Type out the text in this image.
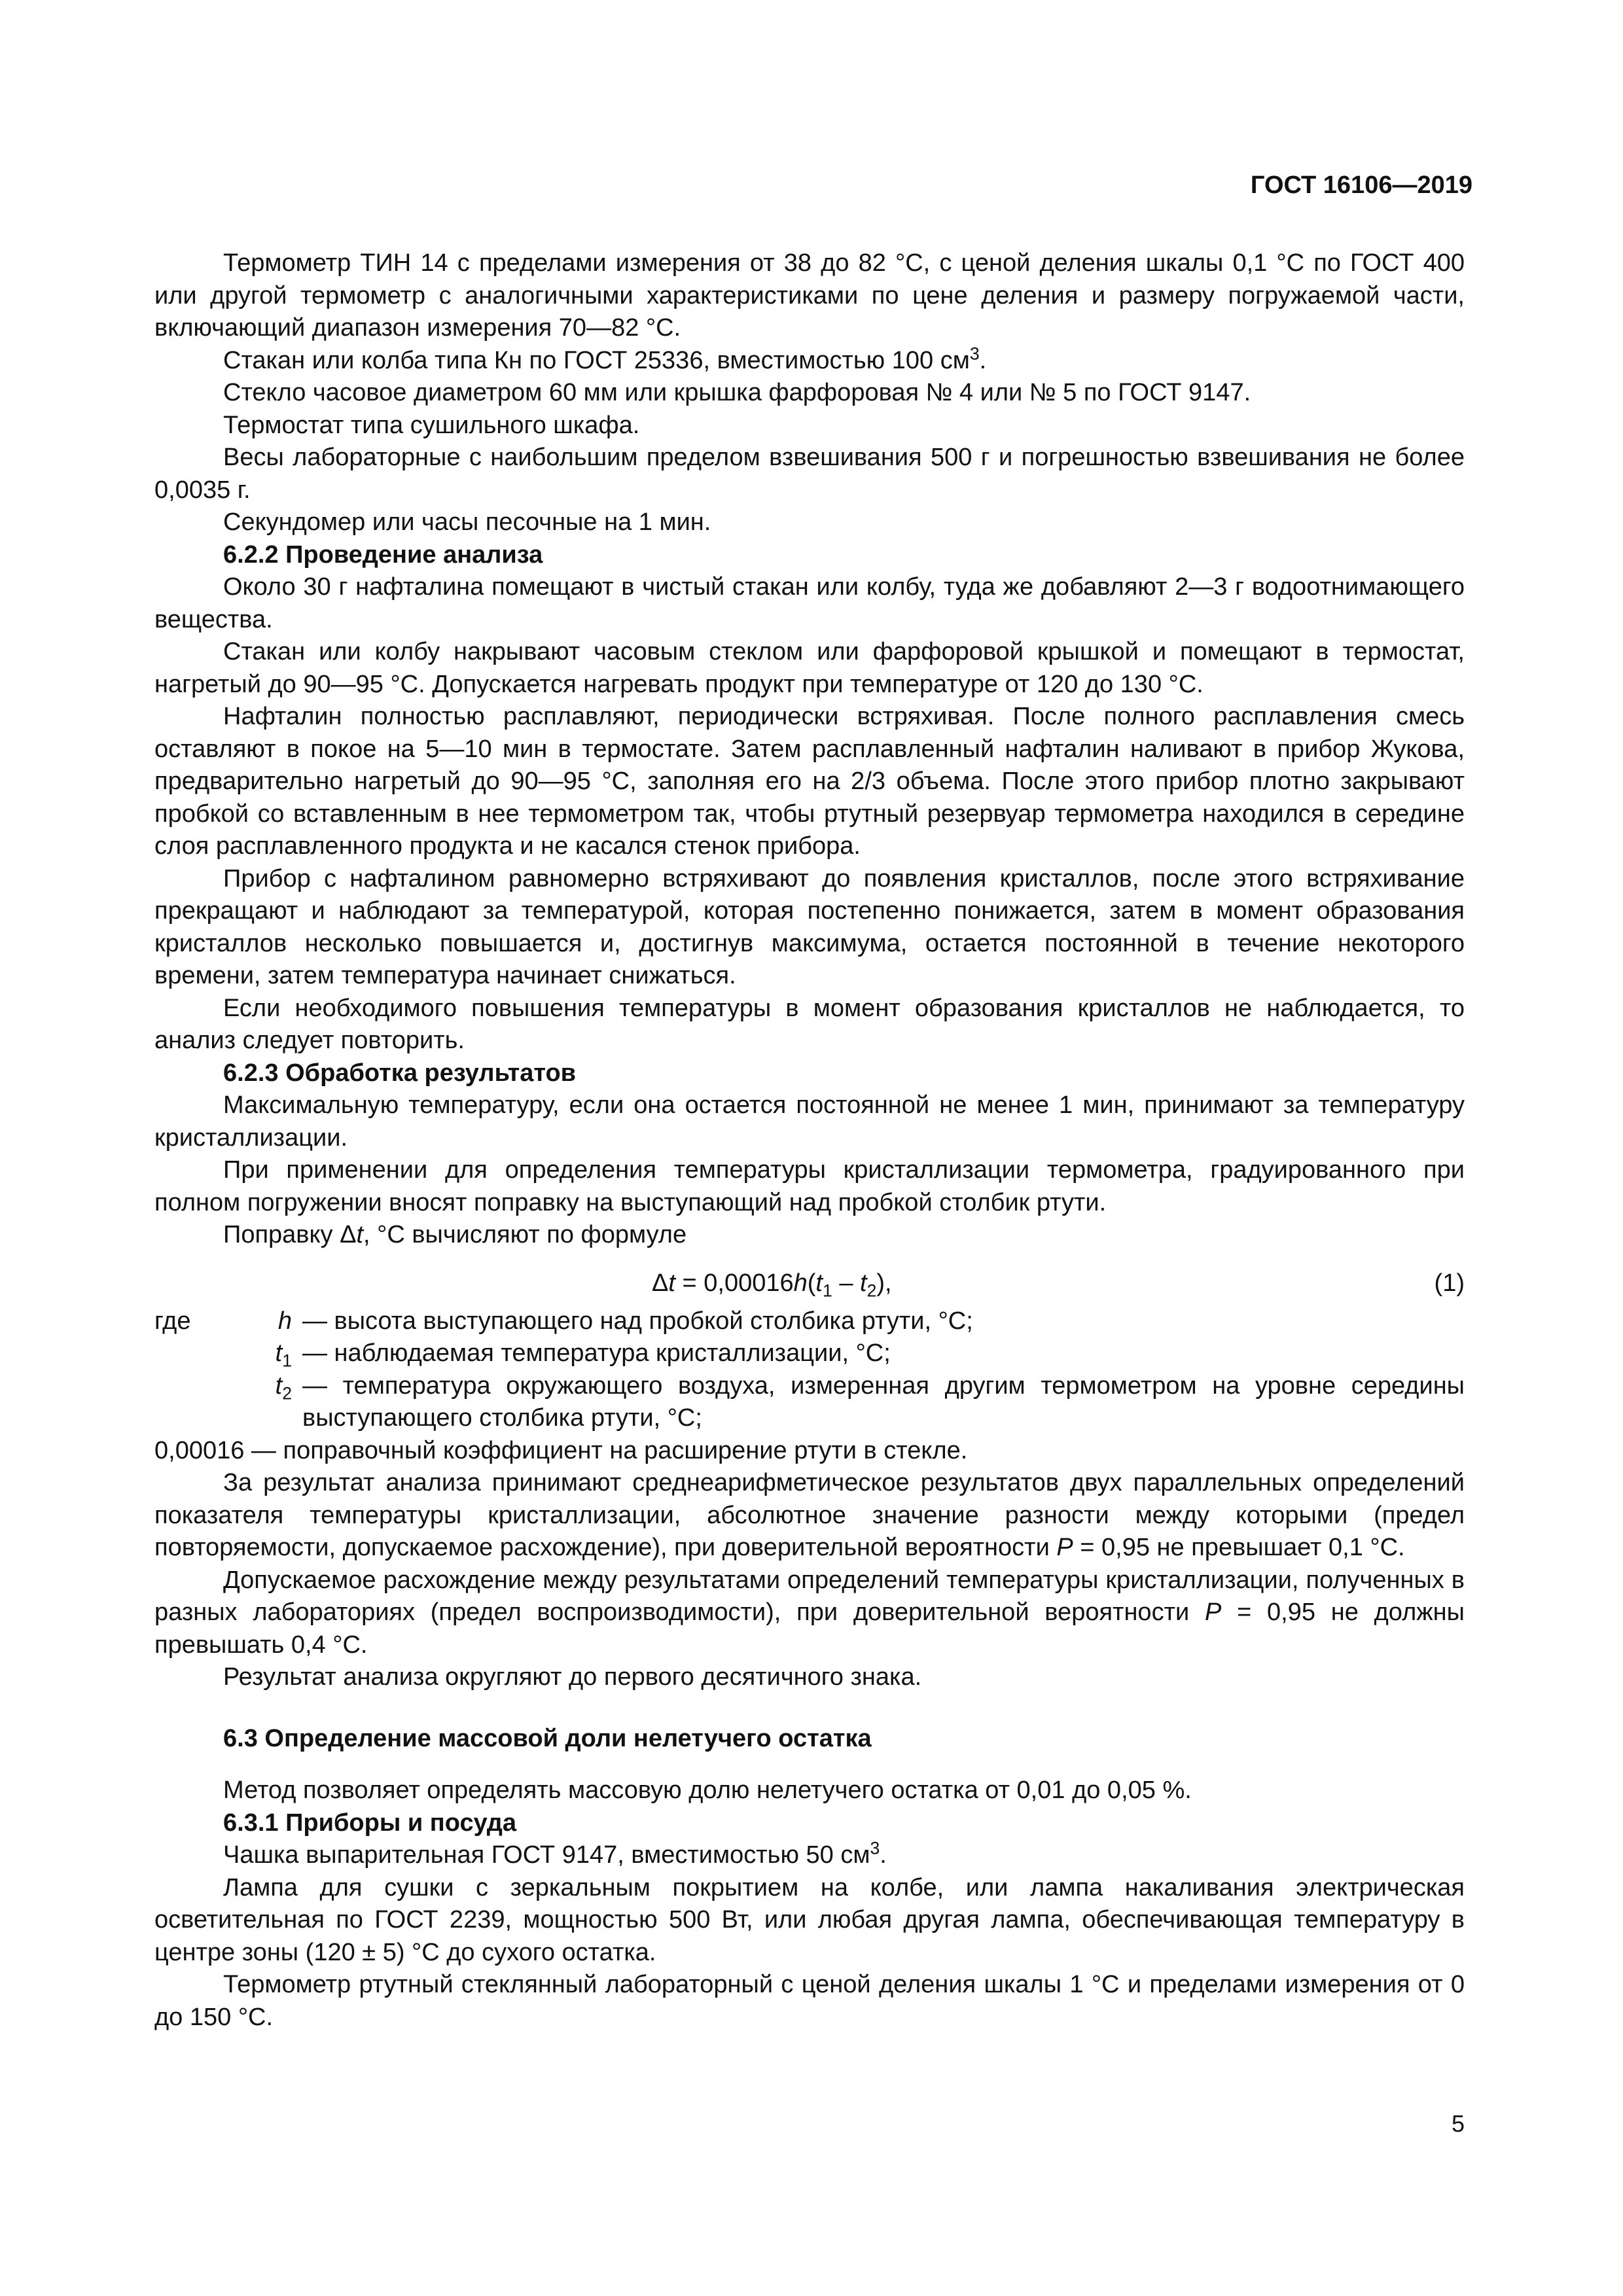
ГОСТ 16106—2019

Термометр ТИН 14 с пределами измерения от 38 до 82 °С, с ценой деления шкалы 0,1 °С по ГОСТ 400 или другой термометр с аналогичными характеристиками по цене деления и размеру погружаемой части, включающий диапазон измерения 70—82 °С.

Стакан или колба типа Кн по ГОСТ 25336, вместимостью 100 $см^3$.

Стекло часовое диаметром 60 мм или крышка фарфоровая № 4 или № 5 по ГОСТ 9147.

Термостат типа сушильного шкафа.

Весы лабораторные с наибольшим пределом взвешивания 500 г и погрешностью взвешивания не более 0,0035 г.

Секундомер или часы песочные на 1 мин.

6.2.2 Проведение анализа

Около 30 г нафталина помещают в чистый стакан или колбу, туда же добавляют 2—3 г водоотнимающего вещества.

Стакан или колбу накрывают часовым стеклом или фарфоровой крышкой и помещают в термостат, нагретый до 90—95 °С. Допускается нагревать продукт при температуре от 120 до 130 °С.

Нафталин полностью расплавляют, периодически встряхивая. После полного расплавления смесь оставляют в покое на 5—10 мин в термостате. Затем расплавленный нафталин наливают в прибор Жукова, предварительно нагретый до 90—95 °С, заполняя его на 2/3 объема. После этого прибор плотно закрывают пробкой со вставленным в нее термометром так, чтобы ртутный резервуар термометра находился в середине слоя расплавленного продукта и не касался стенок прибора.

Прибор с нафталином равномерно встряхивают до появления кристаллов, после этого встряхивание прекращают и наблюдают за температурой, которая постепенно понижается, затем в момент образования кристаллов несколько повышается и, достигнув максимума, остается постоянной в течение некоторого времени, затем температура начинает снижаться.

Если необходимого повышения температуры в момент образования кристаллов не наблюдается, то анализ следует повторить.

6.2.3 Обработка результатов

Максимальную температуру, если она остается постоянной не менее 1 мин, принимают за температуру кристаллизации.

При применении для определения температуры кристаллизации термометра, градуированного при полном погружении вносят поправку на выступающий над пробкой столбик ртути.

Поправку Δt, °С вычисляют по формуле

$\Delta t = 0,00016h(t_1 - t_2)$,	(1)
где	h — высота выступающего над пробкой столбика ртути, °С;
$t_1$ — наблюдаемая температура кристаллизации, °С;
$t_2$ — температура окружающего воздуха, измеренная другим термометром на уровне середины выступающего столбика ртути, °С;
0,00016 — поправочный коэффициент на расширение ртути в стекле.

За результат анализа принимают среднеарифметическое результатов двух параллельных определений показателя температуры кристаллизации, абсолютное значение разности между которыми (предел повторяемости, допускаемое расхождение), при доверительной вероятности P = 0,95 не превышает 0,1 °С.

Допускаемое расхождение между результатами определений температуры кристаллизации, полученных в разных лабораториях (предел воспроизводимости), при доверительной вероятности P = 0,95 не должны превышать 0,4 °С.

Результат анализа округляют до первого десятичного знака.

6.3 Определение массовой доли нелетучего остатка

Метод позволяет определять массовую долю нелетучего остатка от 0,01 до 0,05 %.

6.3.1 Приборы и посуда

Чашка выпарительная ГОСТ 9147, вместимостью 50 $см^3$.

Лампа для сушки с зеркальным покрытием на колбе, или лампа накаливания электрическая осветительная по ГОСТ 2239, мощностью 500 Вт, или любая другая лампа, обеспечивающая температуру в центре зоны (120 ± 5) °С до сухого остатка.

Термометр ртутный стеклянный лабораторный с ценой деления шкалы 1 °С и пределами измерения от 0 до 150 °С.

5
